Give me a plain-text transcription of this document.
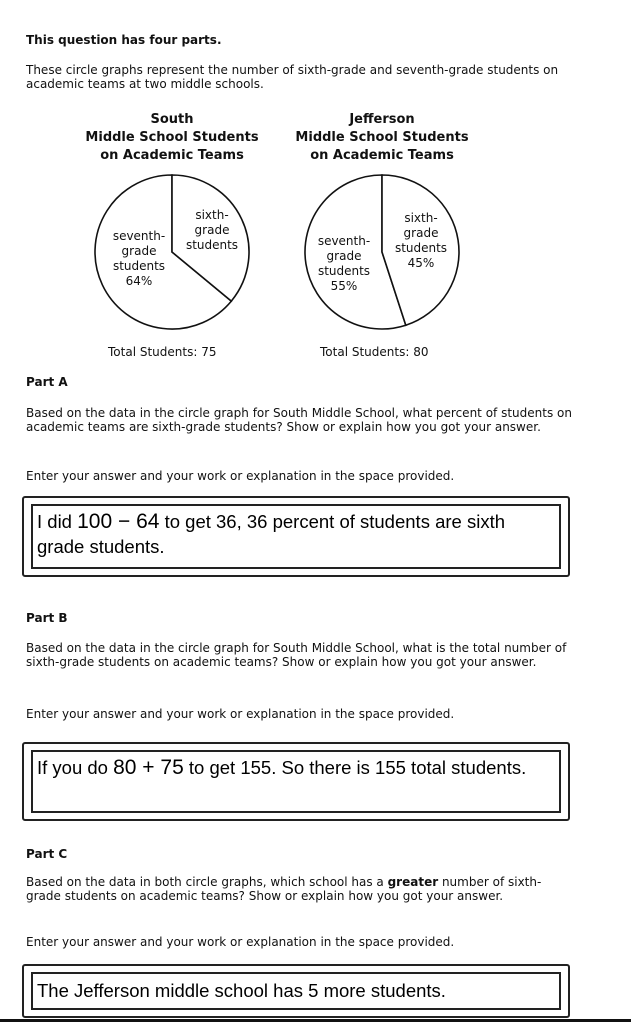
This question has four parts.
These circle graphs represent the number of sixth-grade and seventh-grade students on academic teams at two middle schools.
South
Middle School Students
on Academic Teams
seventh-
grade
students
64%
sixth-
grade
students
Total Students: 75
Jefferson
Middle School Students
on Academic Teams
seventh-
grade
students
55%
sixth-
grade
students
45%
Total Students: 80
Part A
Based on the data in the circle graph for South Middle School, what percent of students on academic teams are sixth-grade students? Show or explain how you got your answer.
Enter your answer and your work or explanation in the space provided.
I did 100 − 64 to get 36, 36 percent of students are sixth grade students.
Part B
Based on the data in the circle graph for South Middle School, what is the total number of sixth-grade students on academic teams? Show or explain how you got your answer.
Enter your answer and your work or explanation in the space provided.
If you do 80 + 75 to get 155. So there is 155 total students.
Part C
Based on the data in both circle graphs, which school has a greater number of sixth-grade students on academic teams? Show or explain how you got your answer.
Enter your answer and your work or explanation in the space provided.
The Jefferson middle school has 5 more students.
